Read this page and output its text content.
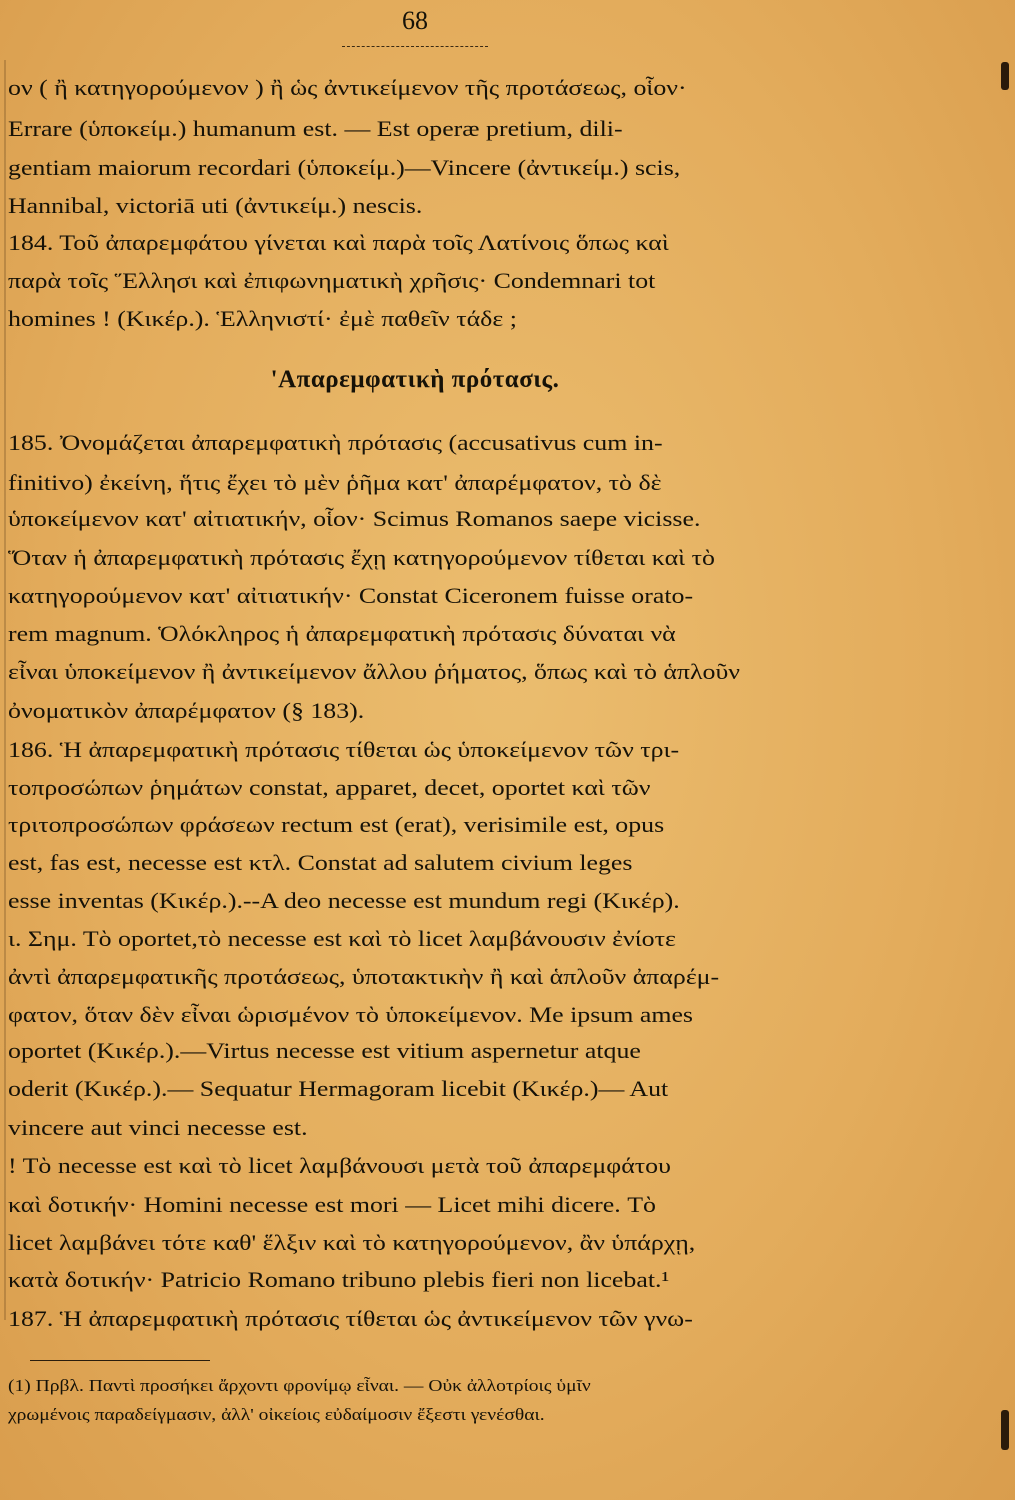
68
ον ( ἢ κατηγορούμενον ) ἢ ὡς ἀντικείμενον τῆς προτάσεως, οἷον·
Errare (ὑποκείμ.) humanum est. — Est operæ pretium, dili-
gentiam maiorum recordari (ὑποκείμ.)—Vincere (ἀντικείμ.) scis,
Hannibal, victoriā uti (ἀντικείμ.) nescis.
184. Τοῦ ἀπαρεμφάτου γίνεται καὶ παρὰ τοῖς Λατίνοις ὅπως καὶ
παρὰ τοῖς Ἕλλησι καὶ ἐπιφωνηματικὴ χρῆσις· Condemnari tot
homines ! (Κικέρ.). Ἑλληνιστί· ἐμὲ παθεῖν τάδε ;
'Απαρεμφατικὴ πρότασις.
185. Ὀνομάζεται ἀπαρεμφατικὴ πρότασις (accusativus cum in-
finitivo) ἐκείνη, ἥτις ἔχει τὸ μὲν ῥῆμα κατ' ἀπαρέμφατον, τὸ δὲ
ὑποκείμενον κατ' αἰτιατικήν, οἷον· Scimus Romanos saepe vicisse.
Ὅταν ἡ ἀπαρεμφατικὴ πρότασις ἔχῃ κατηγορούμενον τίθεται καὶ τὸ
κατηγορούμενον κατ' αἰτιατικήν· Constat Ciceronem fuisse orato-
rem magnum. Ὁλόκληρος ἡ ἀπαρεμφατικὴ πρότασις δύναται νὰ
εἶναι ὑποκείμενον ἢ ἀντικείμενον ἄλλου ῥήματος, ὅπως καὶ τὸ ἁπλοῦν
ὀνοματικὸν ἀπαρέμφατον (§ 183).
186. Ἡ ἀπαρεμφατικὴ πρότασις τίθεται ὡς ὑποκείμενον τῶν τρι-
τοπροσώπων ῥημάτων constat, apparet, decet, oportet καὶ τῶν
τριτοπροσώπων φράσεων rectum est (erat), verisimile est, opus
est, fas est, necesse est κτλ. Constat ad salutem civium leges
esse inventas (Κικέρ.).--A deo necesse est mundum regi (Κικέρ).
ι. Σημ. Τὸ oportet,τὸ necesse est καὶ τὸ licet λαμβάνουσιν ἐνίοτε
ἀντὶ ἀπαρεμφατικῆς προτάσεως, ὑποτακτικὴν ἢ καὶ ἁπλοῦν ἀπαρέμ-
φατον, ὅταν δὲν εἶναι ὡρισμένον τὸ ὑποκείμενον. Me ipsum ames
oportet (Κικέρ.).—Virtus necesse est vitium aspernetur atque
oderit (Κικέρ.).— Sequatur Hermagoram licebit (Κικέρ.)— Aut
vincere aut vinci necesse est.
! Τὸ necesse est καὶ τὸ licet λαμβάνουσι μετὰ τοῦ ἀπαρεμφάτου
καὶ δοτικήν· Homini necesse est mori — Licet mihi dicere. Τὸ
licet λαμβάνει τότε καθ' ἕλξιν καὶ τὸ κατηγορούμενον, ἂν ὑπάρχῃ,
κατὰ δοτικήν· Patricio Romano tribuno plebis fieri non licebat.¹
187. Ἡ ἀπαρεμφατικὴ πρότασις τίθεται ὡς ἀντικείμενον τῶν γνω-
(1) Πρβλ. Παντὶ προσήκει ἄρχοντι φρονίμῳ εἶναι. — Οὐκ ἀλλοτρίοις ὑμῖν
χρωμένοις παραδείγμασιν, ἀλλ' οἰκείοις εὐδαίμοσιν ἔξεστι γενέσθαι.
